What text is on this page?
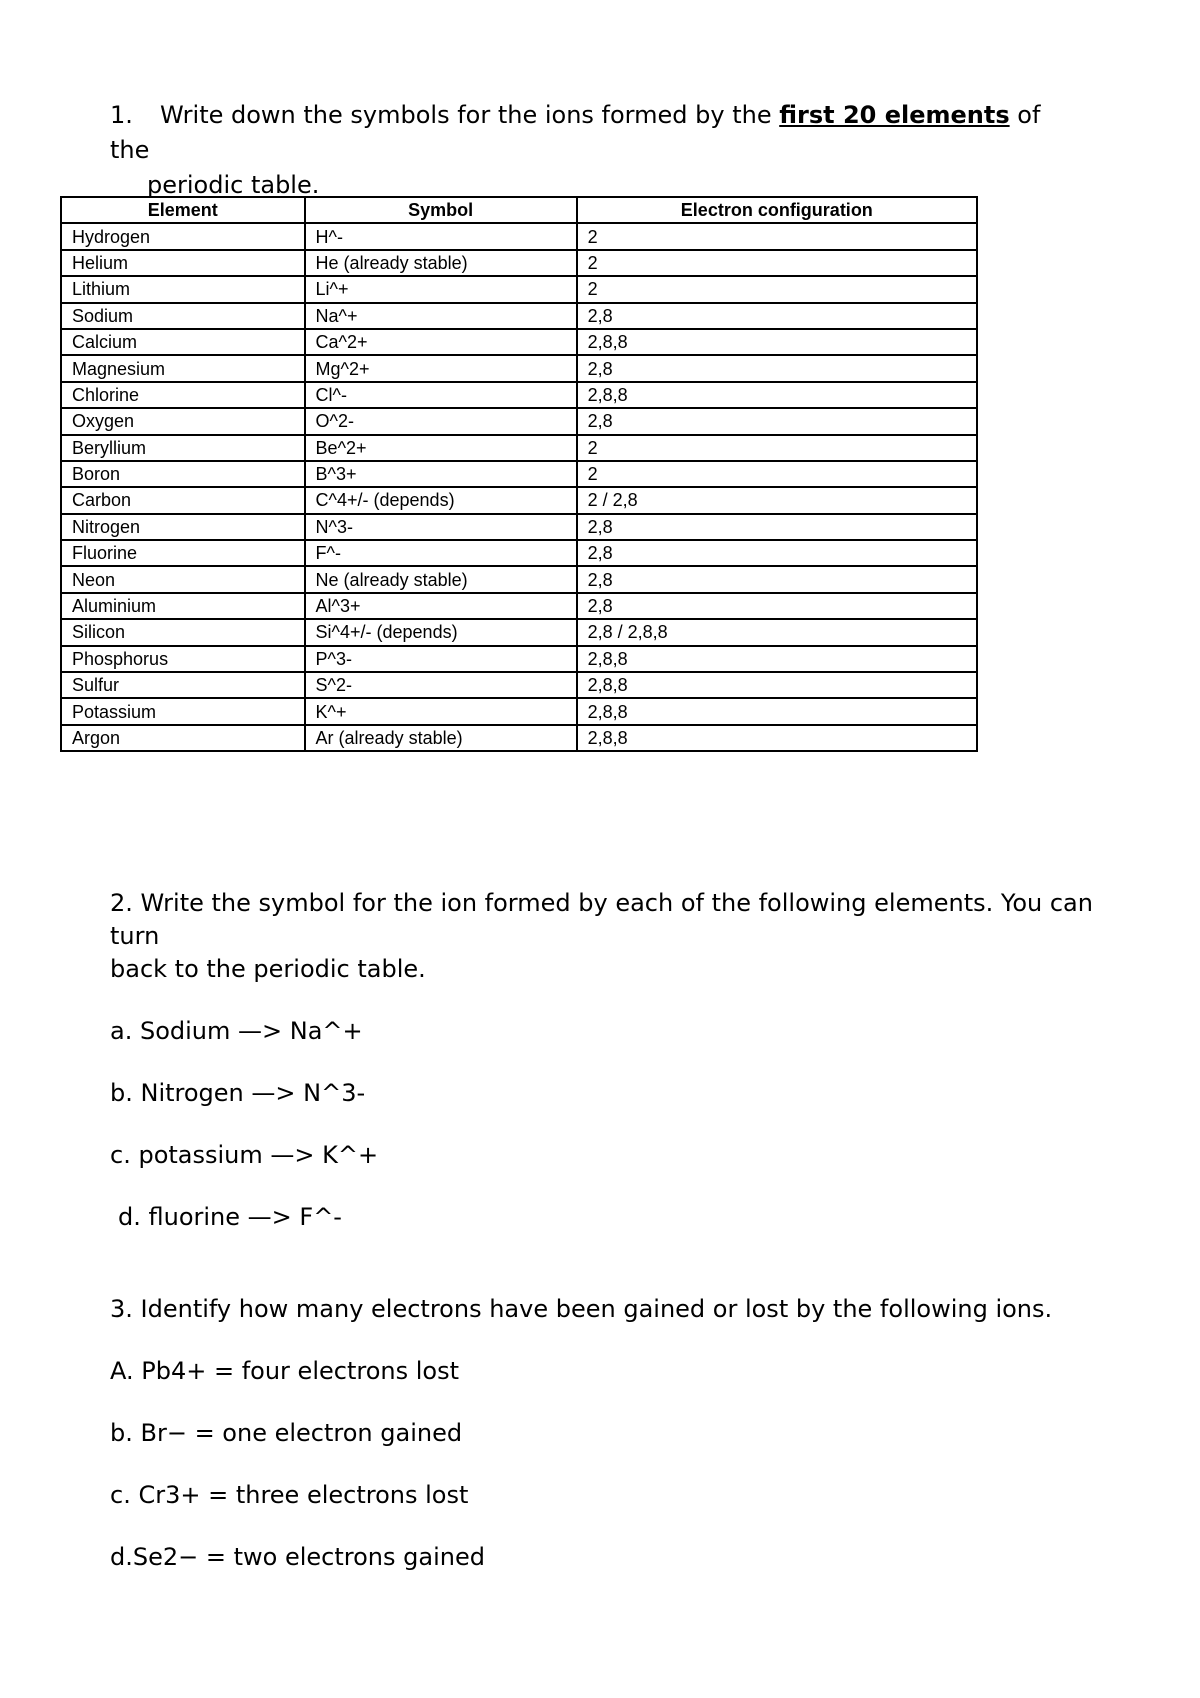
1. Write down the symbols for the ions formed by the first 20 elements of the
periodic table.
Element	Symbol	Electron configuration
Hydrogen	H^-	2
Helium	He (already stable)	2
Lithium	Li^+	2
Sodium	Na^+	2,8
Calcium	Ca^2+	2,8,8
Magnesium	Mg^2+	2,8
Chlorine	Cl^-	2,8,8
Oxygen	O^2-	2,8
Beryllium	Be^2+	2
Boron	B^3+	2
Carbon	C^4+/- (depends)	2 / 2,8
Nitrogen	N^3-	2,8
Fluorine	F^-	2,8
Neon	Ne (already stable)	2,8
Aluminium	Al^3+	2,8
Silicon	Si^4+/- (depends)	2,8 / 2,8,8
Phosphorus	P^3-	2,8,8
Sulfur	S^2-	2,8,8
Potassium	K^+	2,8,8
Argon	Ar (already stable)	2,8,8
2. Write the symbol for the ion formed by each of the following elements. You can turn
back to the periodic table.
a. Sodium —> Na^+
b. Nitrogen —> N^3-
c. potassium —> K^+
d. fluorine —> F^-
3. Identify how many electrons have been gained or lost by the following ions.
A. Pb4+ = four electrons lost
b. Br− = one electron gained
c. Cr3+ = three electrons lost
d.Se2− = two electrons gained
